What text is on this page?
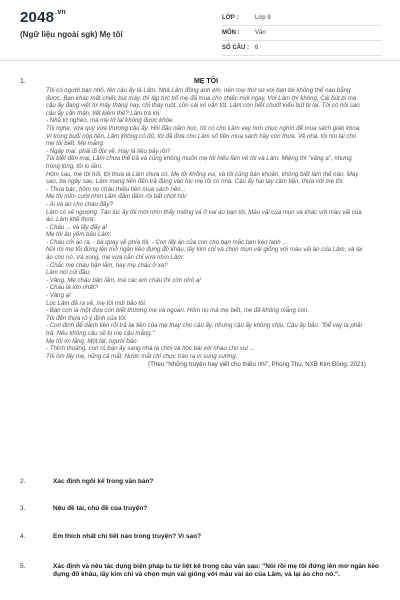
$2048^{.vn}$
(Ngữ liệu ngoài sgk) Mẹ tôi
LỚP :	Lớp 9
MÔN :	Văn
SỐ CÂU :	6
1.	MẸ TÔI

Tôi có người bạn nhỏ, tên cậu ấy là Lâm. Nhà Lâm đông anh em, nên mọi thứ sơ với bạn bè không thể nào bằng được. Bạn khác mất chiếc bút máy, thì lập tức bố mẹ đã mua cho chiếc mới ngay. Với Lâm thì không. Cái bút bi mà cậu ấy đang viết từ mấy tháng nay, chỉ thay ruột, còn cái vỏ vẫn tốt. Lâm còn biết chuốt kiểu bút bi lại. Tôi có hỏi sao cậu ấy cẩn thận, tiết kiệm thế? Lâm trả lời:

- Nhà tớ nghèo, mà mẹ tớ lại không được khỏe.

Tôi nghe, vừa quý vừa thương cậu ấy. Hôi đầu năm học, tôi có cho Lâm vay hơn chục nghìn để mua sách giáo khoa. Vì trong buổi nộp tiền, Lâm không có đủ, tôi đã đưa cho Lâm số tiền mua sách hầy còn thừa. Về nhà, tôi nói lại cho mẹ tôi biết. Mẹ mắng:

- Ngày mai, phải đi đòi về. Hay là tiêu bậy rồi?

Tôi biết đến mai, Lâm chưa thể trả và cũng không muốn mẹ tôi hiểu lầm về tôi và Lâm. Miệng thì "vâng ạ", nhưng trong lòng, tôi lo lắm.

Hôm sau, mẹ tôi hỏi, tôi thưa là Lâm chưa có. Mẹ tôi không vui, và tôi cũng bàn khoăn, không biết làm thế nào. May sao, ba ngày sau, Lâm mang tiền đến trả đúng vào lúc mẹ tôi có nhà. Cậu ấy hai tay cầm tiền, thưa với mẹ tôi:

- Thưa bác, hôm nọ cháu thiếu tiền mua sách nên...

Mẹ tôi mỉm cười nhìn Lâm đăm đăm rồi bất chợt hỏi:

- Ai và áo cho cháu đấy?

Lâm có vẻ ngượng. Tận lúc ấy tôi mới nhìn thấy miếng vá ở vai áo bạn tôi. Màu vải của mụn vá khác với màu vải của áo. Lâm khẽ thưa:

- Cháu ... và lấy đấy ạ!

Mẹ tôi âu yếm bảo Lâm:

- Cháu cởi áo ra, - bà quay về phía tôi. - Con lấy áo của con cho bạn mặc tạm kéo lạnh ...

Nói rồi mẹ tôi đứng lên mở ngăn kéo đựng đồ khâu, lấy kim chỉ và chọn mụn vải giống với màu vải áo của Lâm, và lại áo cho nó. Và xong, mẹ vừa cắn chỉ vừa nhìn Lâm:

- Chắc mẹ cháu bận lắm, hay mẹ cháu ở xa?

Lâm nói cúi đầu:

- Vâng. Mẹ cháu bận lắm, mà các em cháu thì còn nhỏ ạ!

- Cháu là lớn nhất?

- Vâng ạ!

Lúc Lâm đã ra về, mẹ tôi mới bảo tôi:

- Bạn con là một đứa con biết thương mẹ và ngoan. Hôm nọ mà mẹ biết, mẹ đã không mắng con.

Tôi đến thưa rõ ý định của tôi:

- Con định để dành tiền rồi trả lại tiền của mẹ thay cho cậu ấy, nhưng cậu ấy không chịu. Cậu ấy bảo: "Để vay là phải trả. Nếu không cậu sẽ bị mẹ cậu mắng."

Mẹ tôi im lặng. Một lát, người bảo:

- Thỉnh thoảng, con rủ bạn ấy sang nhà ta chơi và học bài với nhau cho vui ...

Tôi ôm lấy mẹ, nũng cả mắt. Nước mắt chỉ chực trào ra vì sung sướng.

(Theo "Những truyện hay viết cho thiếu nhi", Phong Thu, NXB Kim Đồng, 2021)
2.	Xác định ngôi kể trong văn bản?
3.	Nêu đề tài, chủ đề của truyện?
4.	Em thích nhất chi tiết nào trong truyện? Vì sao?
5.	Xác định và nêu tác dụng biện pháp tu từ liệt kê trong câu văn sau: "Nói rồi mẹ tôi đứng lên mở ngăn kéo đựng đồ khâu, lấy kim chỉ và chọn mụn vải giống với màu vải áo của Lâm, và lại áo cho nó.".
